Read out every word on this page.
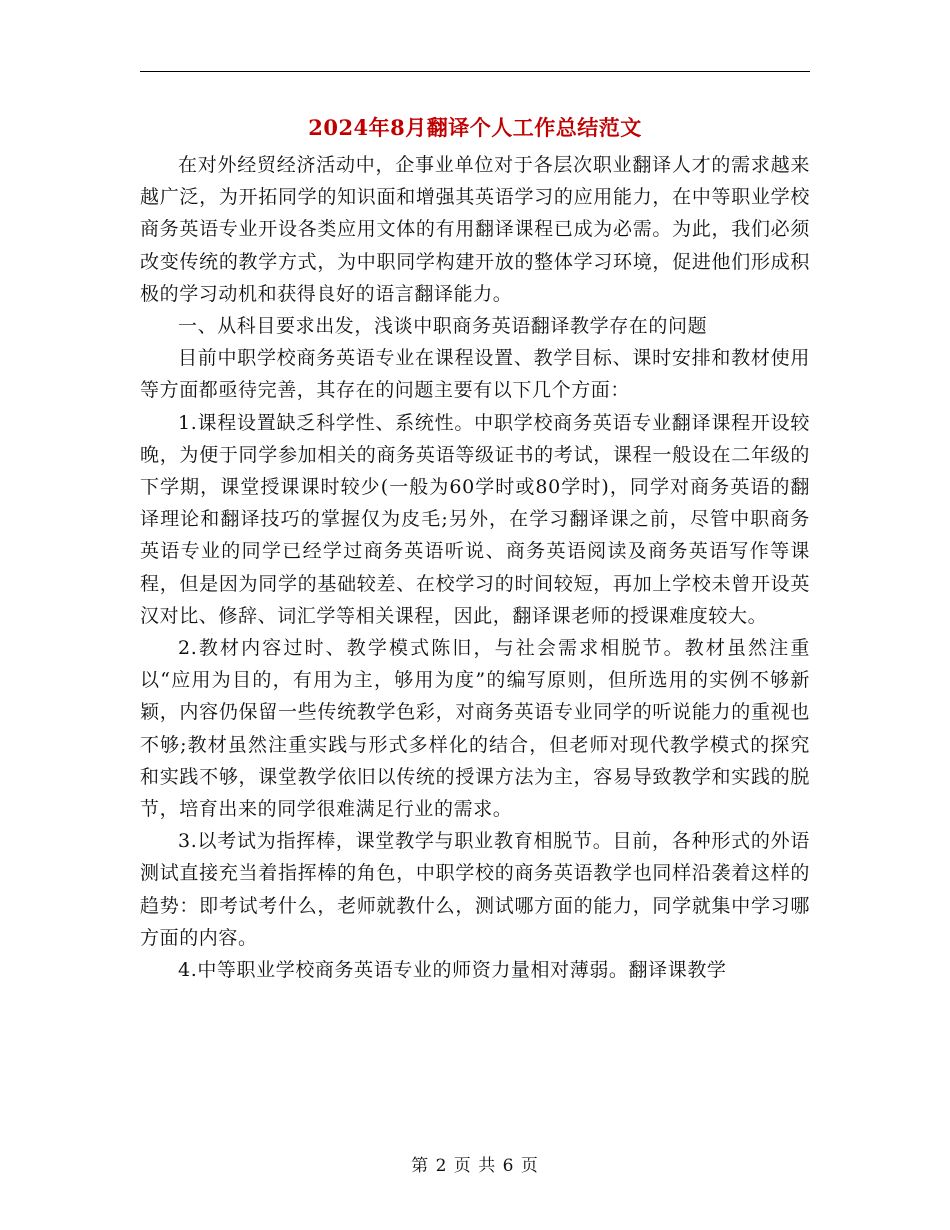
2024年8月翻译个人工作总结范文

在对外经贸经济活动中，企事业单位对于各层次职业翻译人才的需求越来越广泛，为开拓同学的知识面和增强其英语学习的应用能力，在中等职业学校商务英语专业开设各类应用文体的有用翻译课程已成为必需。为此，我们必须改变传统的教学方式，为中职同学构建开放的整体学习环境，促进他们形成积极的学习动机和获得良好的语言翻译能力。

一、从科目要求出发，浅谈中职商务英语翻译教学存在的问题

目前中职学校商务英语专业在课程设置、教学目标、课时安排和教材使用等方面都亟待完善，其存在的问题主要有以下几个方面：

1.课程设置缺乏科学性、系统性。中职学校商务英语专业翻译课程开设较晚，为便于同学参加相关的商务英语等级证书的考试，课程一般设在二年级的下学期，课堂授课课时较少(一般为60学时或80学时)，同学对商务英语的翻译理论和翻译技巧的掌握仅为皮毛;另外，在学习翻译课之前，尽管中职商务英语专业的同学已经学过商务英语听说、商务英语阅读及商务英语写作等课程，但是因为同学的基础较差、在校学习的时间较短，再加上学校未曾开设英汉对比、修辞、词汇学等相关课程，因此，翻译课老师的授课难度较大。

2.教材内容过时、教学模式陈旧，与社会需求相脱节。教材虽然注重以“应用为目的，有用为主，够用为度”的编写原则，但所选用的实例不够新颖，内容仍保留一些传统教学色彩，对商务英语专业同学的听说能力的重视也不够;教材虽然注重实践与形式多样化的结合，但老师对现代教学模式的探究和实践不够，课堂教学依旧以传统的授课方法为主，容易导致教学和实践的脱节，培育出来的同学很难满足行业的需求。

3.以考试为指挥棒，课堂教学与职业教育相脱节。目前，各种形式的外语测试直接充当着指挥棒的角色，中职学校的商务英语教学也同样沿袭着这样的趋势：即考试考什么，老师就教什么，测试哪方面的能力，同学就集中学习哪方面的内容。

4.中等职业学校商务英语专业的师资力量相对薄弱。翻译课教学

第 2 页 共 6 页
